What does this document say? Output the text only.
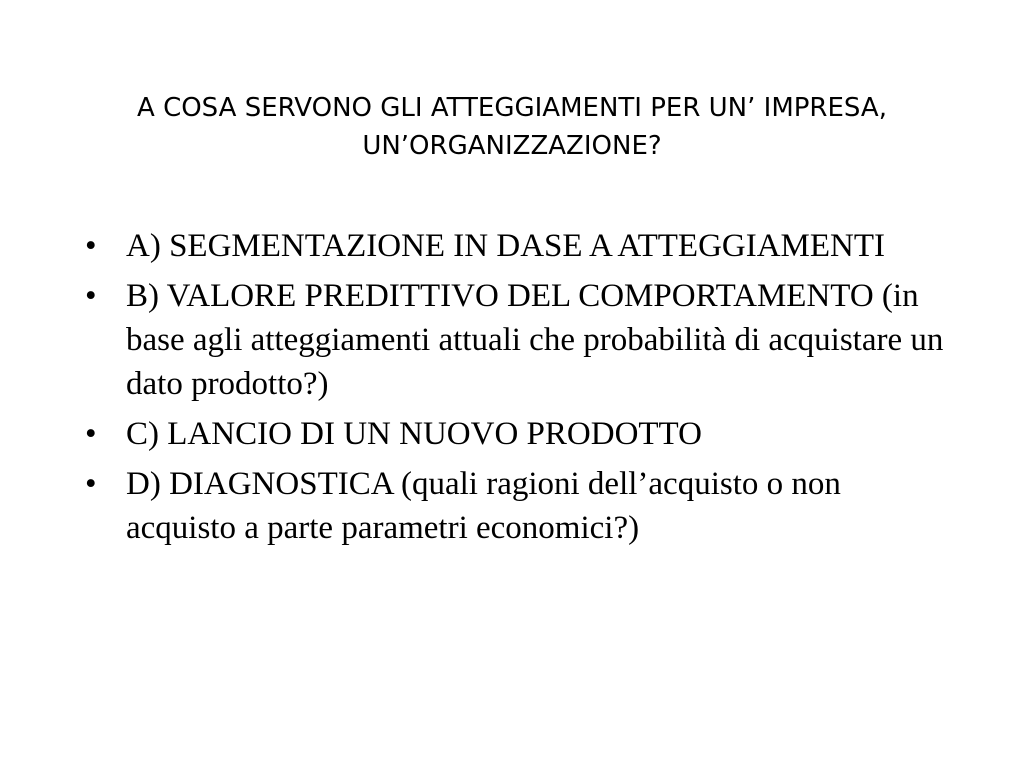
A COSA SERVONO GLI ATTEGGIAMENTI PER UN’ IMPRESA, UN’ORGANIZZAZIONE?
• A) SEGMENTAZIONE IN DASE A ATTEGGIAMENTI
• B) VALORE PREDITTIVO DEL COMPORTAMENTO (in base agli atteggiamenti attuali che probabilità di acquistare un dato prodotto?)
• C) LANCIO DI UN NUOVO PRODOTTO
• D) DIAGNOSTICA (quali ragioni dell’acquisto o non acquisto a parte parametri economici?)
